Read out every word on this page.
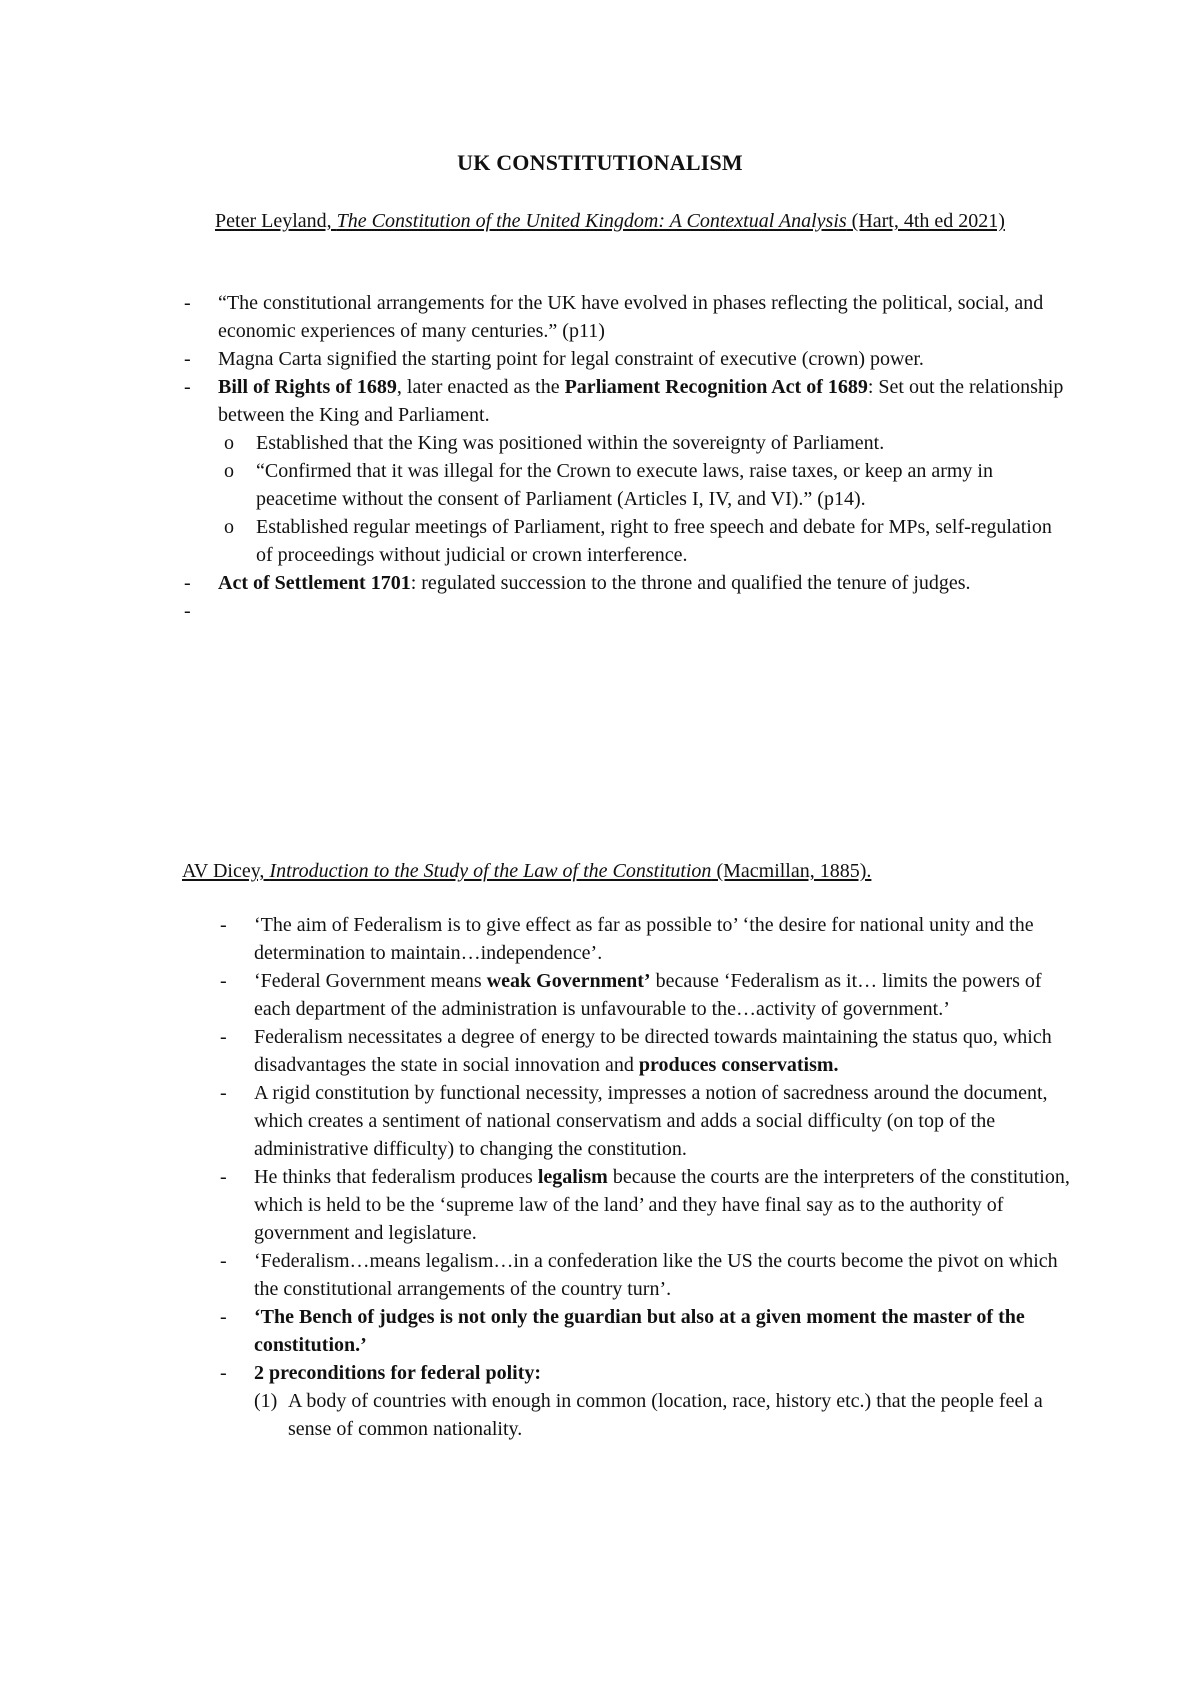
UK CONSTITUTIONALISM
Peter Leyland, The Constitution of the United Kingdom: A Contextual Analysis (Hart, 4th ed 2021)
- “The constitutional arrangements for the UK have evolved in phases reflecting the political, social, and economic experiences of many centuries.” (p11)
- Magna Carta signified the starting point for legal constraint of executive (crown) power.
- Bill of Rights of 1689, later enacted as the Parliament Recognition Act of 1689: Set out the relationship between the King and Parliament.
o Established that the King was positioned within the sovereignty of Parliament.
o “Confirmed that it was illegal for the Crown to execute laws, raise taxes, or keep an army in peacetime without the consent of Parliament (Articles I, IV, and VI).” (p14).
o Established regular meetings of Parliament, right to free speech and debate for MPs, self-regulation of proceedings without judicial or crown interference.
- Act of Settlement 1701: regulated succession to the throne and qualified the tenure of judges.
-

AV Dicey, Introduction to the Study of the Law of the Constitution (Macmillan, 1885).
- ‘The aim of Federalism is to give effect as far as possible to’ ‘the desire for national unity and the determination to maintain…independence’.
- ‘Federal Government means weak Government’ because ‘Federalism as it… limits the powers of each department of the administration is unfavourable to the…activity of government.’
- Federalism necessitates a degree of energy to be directed towards maintaining the status quo, which disadvantages the state in social innovation and produces conservatism.
- A rigid constitution by functional necessity, impresses a notion of sacredness around the document, which creates a sentiment of national conservatism and adds a social difficulty (on top of the administrative difficulty) to changing the constitution.
- He thinks that federalism produces legalism because the courts are the interpreters of the constitution, which is held to be the ‘supreme law of the land’ and they have final say as to the authority of government and legislature.
- ‘Federalism…means legalism…in a confederation like the US the courts become the pivot on which the constitutional arrangements of the country turn’.
- ‘The Bench of judges is not only the guardian but also at a given moment the master of the constitution.’
- 2 preconditions for federal polity:
(1) A body of countries with enough in common (location, race, history etc.) that the people feel a sense of common nationality.
